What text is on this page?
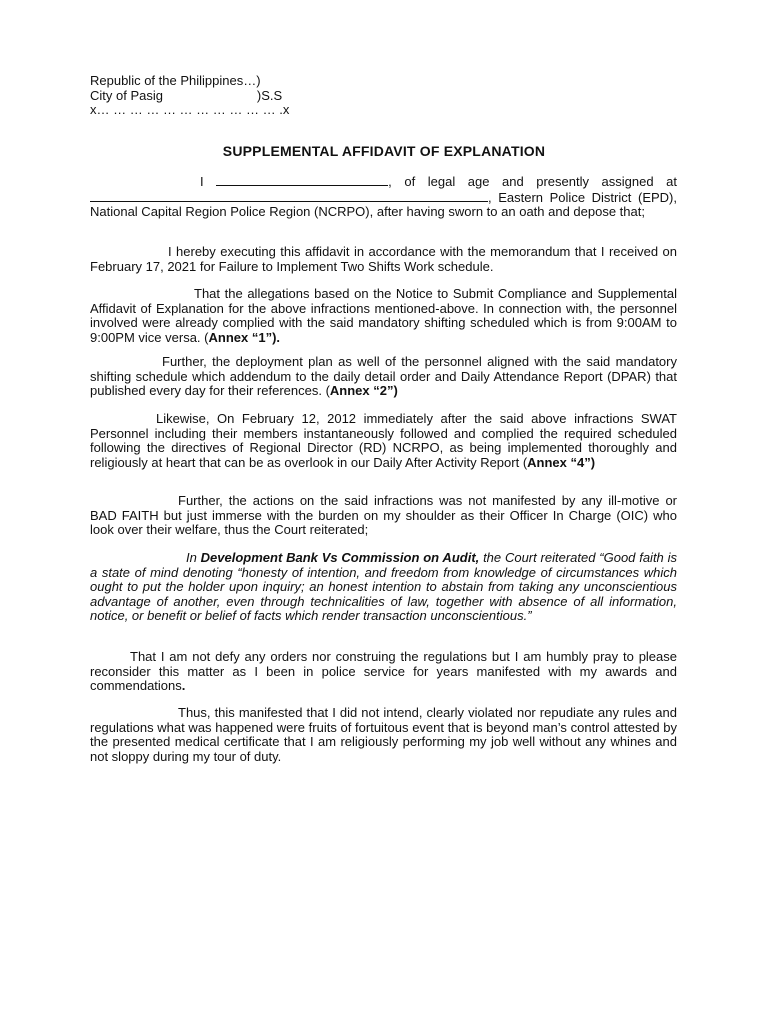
Republic of the Philippines…)
City of Pasig                          )S.S
x… … … … … … … … … … … .x
SUPPLEMENTAL AFFIDAVIT OF EXPLANATION
I	, of legal age and presently assigned at , Eastern Police District (EPD), National Capital Region Police Region (NCRPO), after having sworn to an oath and depose that;
I hereby executing this affidavit in accordance with the memorandum that I received on February 17, 2021 for Failure to Implement Two Shifts Work schedule.
That the allegations based on the Notice to Submit Compliance and Supplemental Affidavit of Explanation for the above infractions mentioned-above. In connection with, the personnel involved were already complied with the said mandatory shifting scheduled which is from 9:00AM to 9:00PM vice versa. (Annex “1”).
Further, the deployment plan as well of the personnel aligned with the said mandatory shifting schedule which addendum to the daily detail order and Daily Attendance Report (DPAR) that published every day for their references. (Annex “2”)
Likewise, On February 12, 2012 immediately after the said above infractions SWAT Personnel including their members instantaneously followed and complied the required scheduled following the directives of Regional Director (RD) NCRPO, as being implemented thoroughly and religiously at heart that can be as overlook in our Daily After Activity Report (Annex “4”)
Further, the actions on the said infractions was not manifested by any ill-motive or BAD FAITH but just immerse with the burden on my shoulder as their Officer In Charge (OIC) who look over their welfare, thus the Court reiterated;
In Development Bank Vs Commission on Audit, the Court reiterated “Good faith is a state of mind denoting “honesty of intention, and freedom from knowledge of circumstances which ought to put the holder upon inquiry; an honest intention to abstain from taking any unconscientious advantage of another, even through technicalities of law, together with absence of all information, notice, or benefit or belief of facts which render transaction unconscientious.”
That I am not defy any orders nor construing the regulations but I am humbly pray to please reconsider this matter as I been in police service for years manifested with my awards and commendations.
Thus, this manifested that I did not intend, clearly violated nor repudiate any rules and regulations what was happened were fruits of fortuitous event that is beyond man’s control attested by the presented medical certificate that I am religiously performing my job well without any whines and not sloppy during my tour of duty.
